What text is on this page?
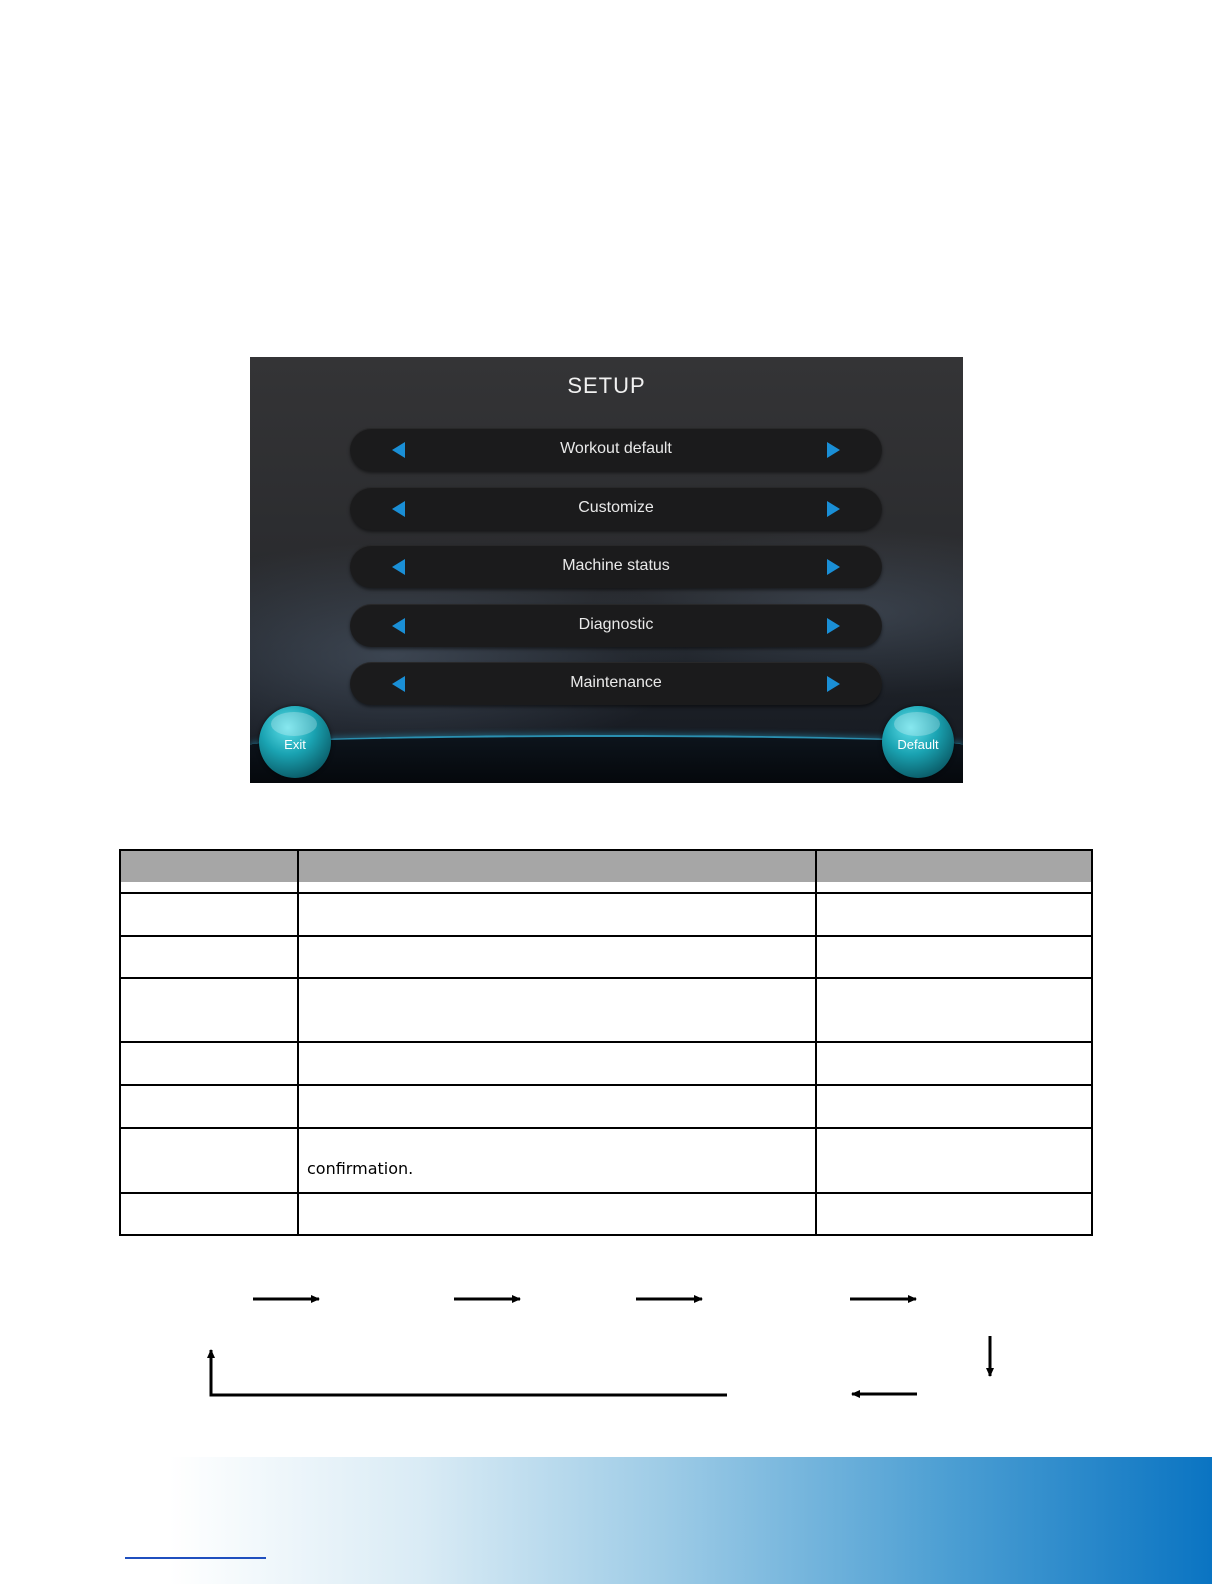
SETUP
Workout default
Customize
Machine status
Diagnostic
Maintenance
Exit	Default
confirmation.
